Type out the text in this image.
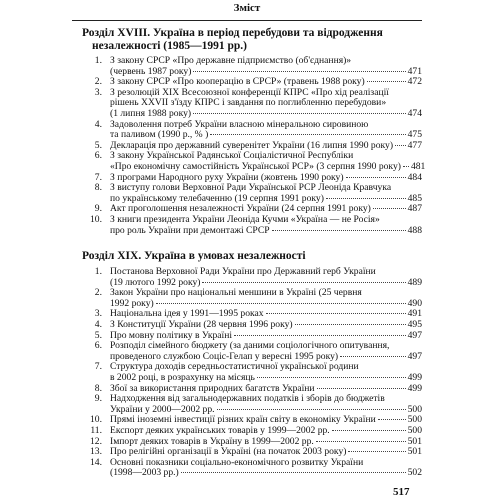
Зміст
Розділ XVIII. Україна в період перебудови та відродження
незалежності (1985—1991 рр.)
1. З закону СРСР «Про державне підприємство (об'єднання)»
(червень 1987 року)	471
2. З закону СРСР «Про кооперацію в СРСР» (травень 1988 року)	472
3. З резолюцій XIX Всесоюзної конференції КПРС «Про хід реалізації
рішень XXVII з'їзду КПРС і завдання по поглибленню перебудови»
(1 липня 1988 року)	474
4. Задоволення потреб України власною мінеральною сировиною
та паливом (1990 р., % )	475
5. Декларація про державний суверенітет України (16 липня 1990 року) 477
6. З закону Української Радянської Соціалістичної Республіки
«Про економічну самостійність Української РСР» (3 серпня 1990 року) 481
7. З програми Народного руху України (жовтень 1990 року)	484
8. З виступу голови Верховної Ради Української РСР Леоніда Кравчука
по українському телебаченню (19 серпня 1991 року)	485
9. Акт проголошення незалежності України (24 серпня 1991 року)	487
10. З книги президента України Леоніда Кучми «Україна — не Росія»
про роль України при демонтажі СРСР	488
Розділ XIX. Україна в умовах незалежності
1. Постанова Верховної Ради України про Державний герб України
(19 лютого 1992 року)	489
2. Закон України про національні меншини в Україні (25 червня
1992 року)	490
3. Національна ідея у 1991—1995 роках	491
4. З Конституції України (28 червня 1996 року)	495
5. Про мовну політику в Україні	497
6. Розподіл сімейного бюджету (за даними соціологічного опитування,
проведеного службою Соціс-Гелап у вересні 1995 року)	497
7. Структура доходів середньостатистичної української родини
в 2002 році, в розрахунку на місяць	499
8. Збої за використання природних багатств України	499
9. Надходження від загальнодержавних податків і зборів до бюджетів
України у 2000—2002 рр.	500
10. Прямі іноземні інвестиції різних країн світу в економіку України	500
11. Експорт деяких українських товарів у 1999—2002 рр.	500
12. Імпорт деяких товарів в Україну в 1999—2002 рр.	501
13. Про релігійні організації в Україні (на початок 2003 року)	501
14. Основні показники соціально-економічного розвитку України
(1998—2003 рр.)	502
517
